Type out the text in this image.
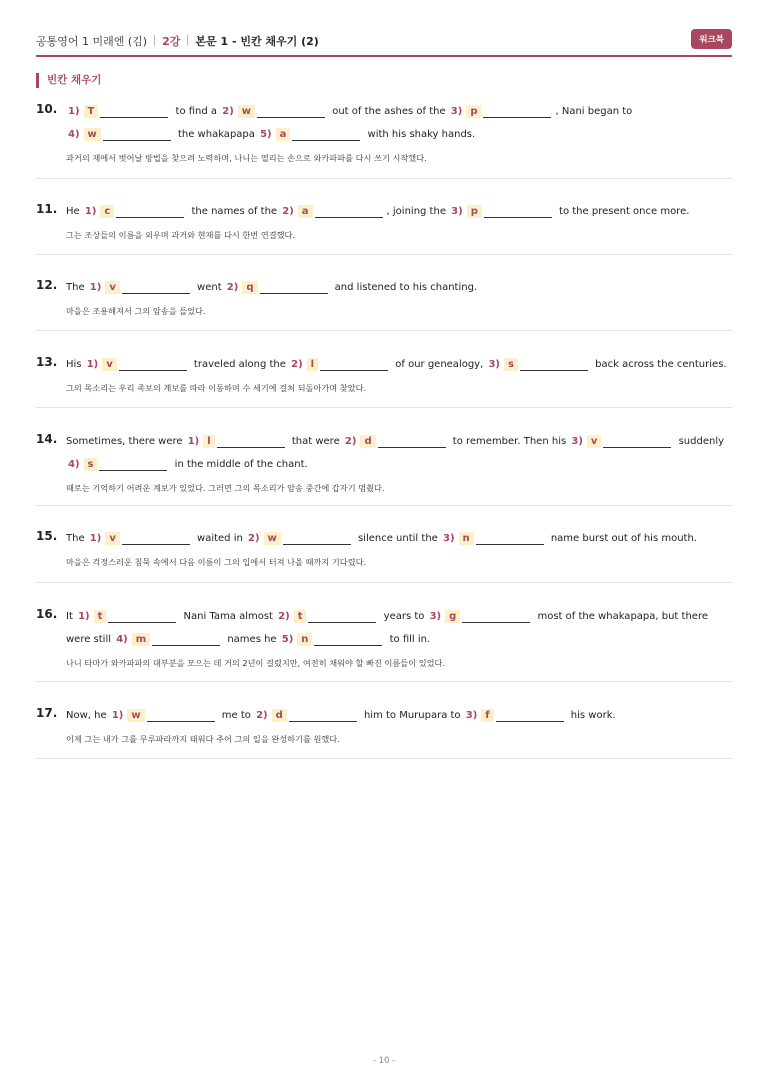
공통영어 1 미래엔 (김) 2강 본문 1 - 빈칸 채우기 (2)	워크북
빈칸 채우기
10. 1) T	to find a 2) w	out of the ashes of the 3) p	, Nani began to 4) w	the whakapapa 5) a	with his shaky hands.
과거의 재에서 벗어날 방법을 찾으려 노력하며, 나니는 떨리는 손으로 와카파파를 다시 쓰기 시작했다.
11. He 1) c	the names of the 2) a	, joining the 3) p	to the present once more.
그는 조상들의 이름을 외우며 과거와 현재를 다시 한번 연결했다.
12. The 1) v	went 2) q	and listened to his chanting.
마을은 조용해져서 그의 암송을 들었다.
13. His 1) v	traveled along the 2) l	of our genealogy, 3) s	back across the centuries.
그의 목소리는 우리 족보의 계보를 따라 이동하며 수 세기에 걸쳐 되돌아가며 찾았다.
14. Sometimes, there were 1) l	that were 2) d	to remember. Then his 3) v	suddenly 4) s	in the middle of the chant.
때로는 기억하기 어려운 계보가 있었다. 그러면 그의 목소리가 암송 중간에 갑자기 멈췄다.
15. The 1) v	waited in 2) w	silence until the 3) n	name burst out of his mouth.
마을은 걱정스러운 침묵 속에서 다음 이름이 그의 입에서 터져 나올 때까지 기다렸다.
16. It 1) t	Nani Tama almost 2) t	years to 3) g	most of the whakapapa, but there were still 4) m	names he 5) n	to fill in.
나니 타마가 와카파파의 대부분을 모으는 데 거의 2년이 걸렸지만, 여전히 채워야 할 빠진 이름들이 있었다.
17. Now, he 1) w	me to 2) d	him to Murupara to 3) f	his work.
이제 그는 내가 그를 무루파라까지 태워다 주어 그의 일을 완성하기를 원했다.
- 10 -
